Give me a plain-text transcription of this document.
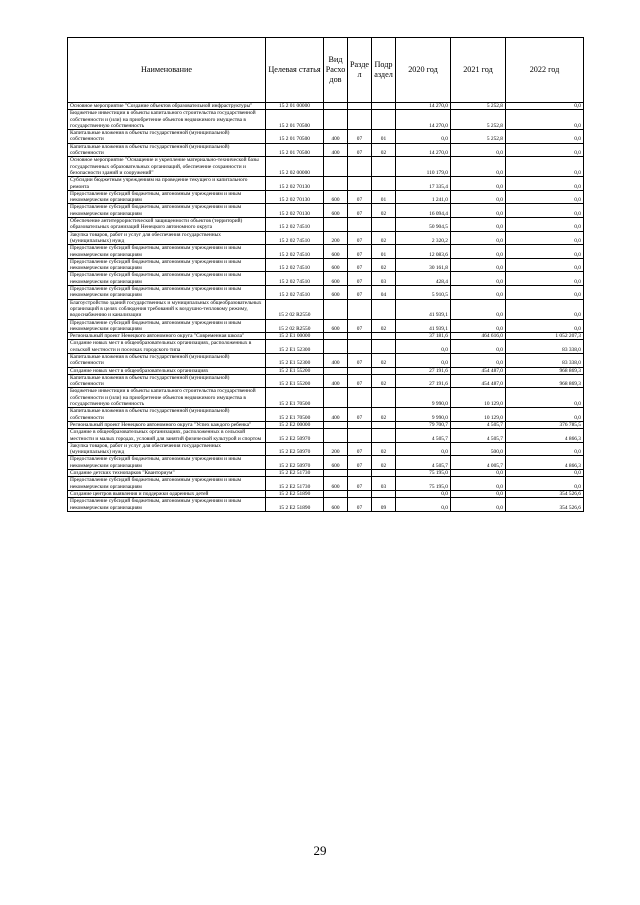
Наименование	Целевая статья	Вид Расхо дов	Разде л	Подр аздел	2020 год	2021 год	2022 год
Основное мероприятие "Создание объектов образовательной инфраструктуры"	15 2 01 00000				14 270,0	5 252,8	0,0
Бюджетные инвестиции в объекты капитального строительства государственной собственности и (или) на приобретение объектов недвижимого имущества в государственную собственность	15 2 01 70500				14 270,0	5 252,8	0,0
Капитальные вложения в объекты государственной (муниципальной) собственности	15 2 01 70500	400	07	01	0,0	5 252,8	0,0
Капитальные вложения в объекты государственной (муниципальной) собственности	15 2 01 70500	400	07	02	14 270,0	0,0	0,0
Основное мероприятие "Оснащение и укрепление материально-технической базы государственных образовательных организаций, обеспечение сохранности и безопасности зданий и сооружений"	15 2 02 00000				110 179,0	0,0	0,0
Субсидии бюджетным учреждениям на проведение текущего и капитального ремонта	15 2 02 70130				17 335,4	0,0	0,0
Предоставление субсидий бюджетным, автономным учреждениям и иным некоммерческим организациям	15 2 02 70130	600	07	01	1 241,0	0,0	0,0
Предоставление субсидий бюджетным, автономным учреждениям и иным некоммерческим организациям	15 2 02 70130	600	07	02	16 094,4	0,0	0,0
Обеспечение антитеррористической защищенности объектов (территорий) образовательных организаций Ненецкого автономного округа	15 2 02 74510				50 904,5	0,0	0,0
Закупка товаров, работ и услуг для обеспечения государственных (муниципальных) нужд	15 2 02 74510	200	07	02	2 320,2	0,0	0,0
Предоставление субсидий бюджетным, автономным учреждениям и иным некоммерческим организациям	15 2 02 74510	600	07	01	12 083,6	0,0	0,0
Предоставление субсидий бюджетным, автономным учреждениям и иным некоммерческим организациям	15 2 02 74510	600	07	02	30 161,8	0,0	0,0
Предоставление субсидий бюджетным, автономным учреждениям и иным некоммерческим организациям	15 2 02 74510	600	07	03	428,4	0,0	0,0
Предоставление субсидий бюджетным, автономным учреждениям и иным некоммерческим организациям	15 2 02 74510	600	07	04	5 910,5	0,0	0,0
Благоустройство зданий государственных и муниципальных общеобразовательных организаций в целях соблюдения требований к воздушно-тепловому режиму, водоснабжению и канализации	15 2 02 R2550				41 939,1	0,0	0,0
Предоставление субсидий бюджетным, автономным учреждениям и иным некоммерческим организациям	15 2 02 R2550	600	07	02	41 939,1	0,0	0,0
Региональный проект Ненецкого автономного округа "Современная школа"	15 2 E1 00000				37 181,6	464 616,0	1 052 207,3
Создание новых мест в общеобразовательных организациях, расположенных в сельской местности и поселках городского типа	15 2 E1 52300				0,0	0,0	83 338,0
Капитальные вложения в объекты государственной (муниципальной) собственности	15 2 E1 52300	400	07	02	0,0	0,0	83 338,0
Создание новых мест в общеобразовательных организациях	15 2 E1 55200				27 191,6	454 487,0	968 869,3
Капитальные вложения в объекты государственной (муниципальной) собственности	15 2 E1 55200	400	07	02	27 191,6	454 487,0	968 869,3
Бюджетные инвестиции в объекты капитального строительства государственной собственности и (или) на приобретение объектов недвижимого имущества в государственную собственность	15 2 E1 70500				9 990,0	10 129,0	0,0
Капитальные вложения в объекты государственной (муниципальной) собственности	15 2 E1 70500	400	07	02	9 990,0	10 129,0	0,0
Региональный проект Ненецкого автономного округа "Успех каждого ребенка"	15 2 E2 00000				79 700,7	4 505,7	376 785,5
Создание в общеобразовательных организациях, расположенных в сельской местности и малых городах, условий для занятий физической культурой и спортом	15 2 E2 50970				4 505,7	4 505,7	4 866,3
Закупка товаров, работ и услуг для обеспечения государственных (муниципальных) нужд	15 2 E2 50970	200	07	02	0,0	500,0	0,0
Предоставление субсидий бюджетным, автономным учреждениям и иным некоммерческим организациям	15 2 E2 50970	600	07	02	4 505,7	4 005,7	4 866,3
Создание детских технопарков "Кванториум"	15 2 E2 51730				75 195,0	0,0	0,0
Предоставление субсидий бюджетным, автономным учреждениям и иным некоммерческим организациям	15 2 E2 51730	600	07	03	75 195,0	0,0	0,0
Создание центров выявления и поддержки одаренных детей	15 2 E2 51890				0,0	0,0	354 526,6
Предоставление субсидий бюджетным, автономным учреждениям и иным некоммерческим организациям	15 2 E2 51890	600	07	09	0,0	0,0	354 526,6
29
